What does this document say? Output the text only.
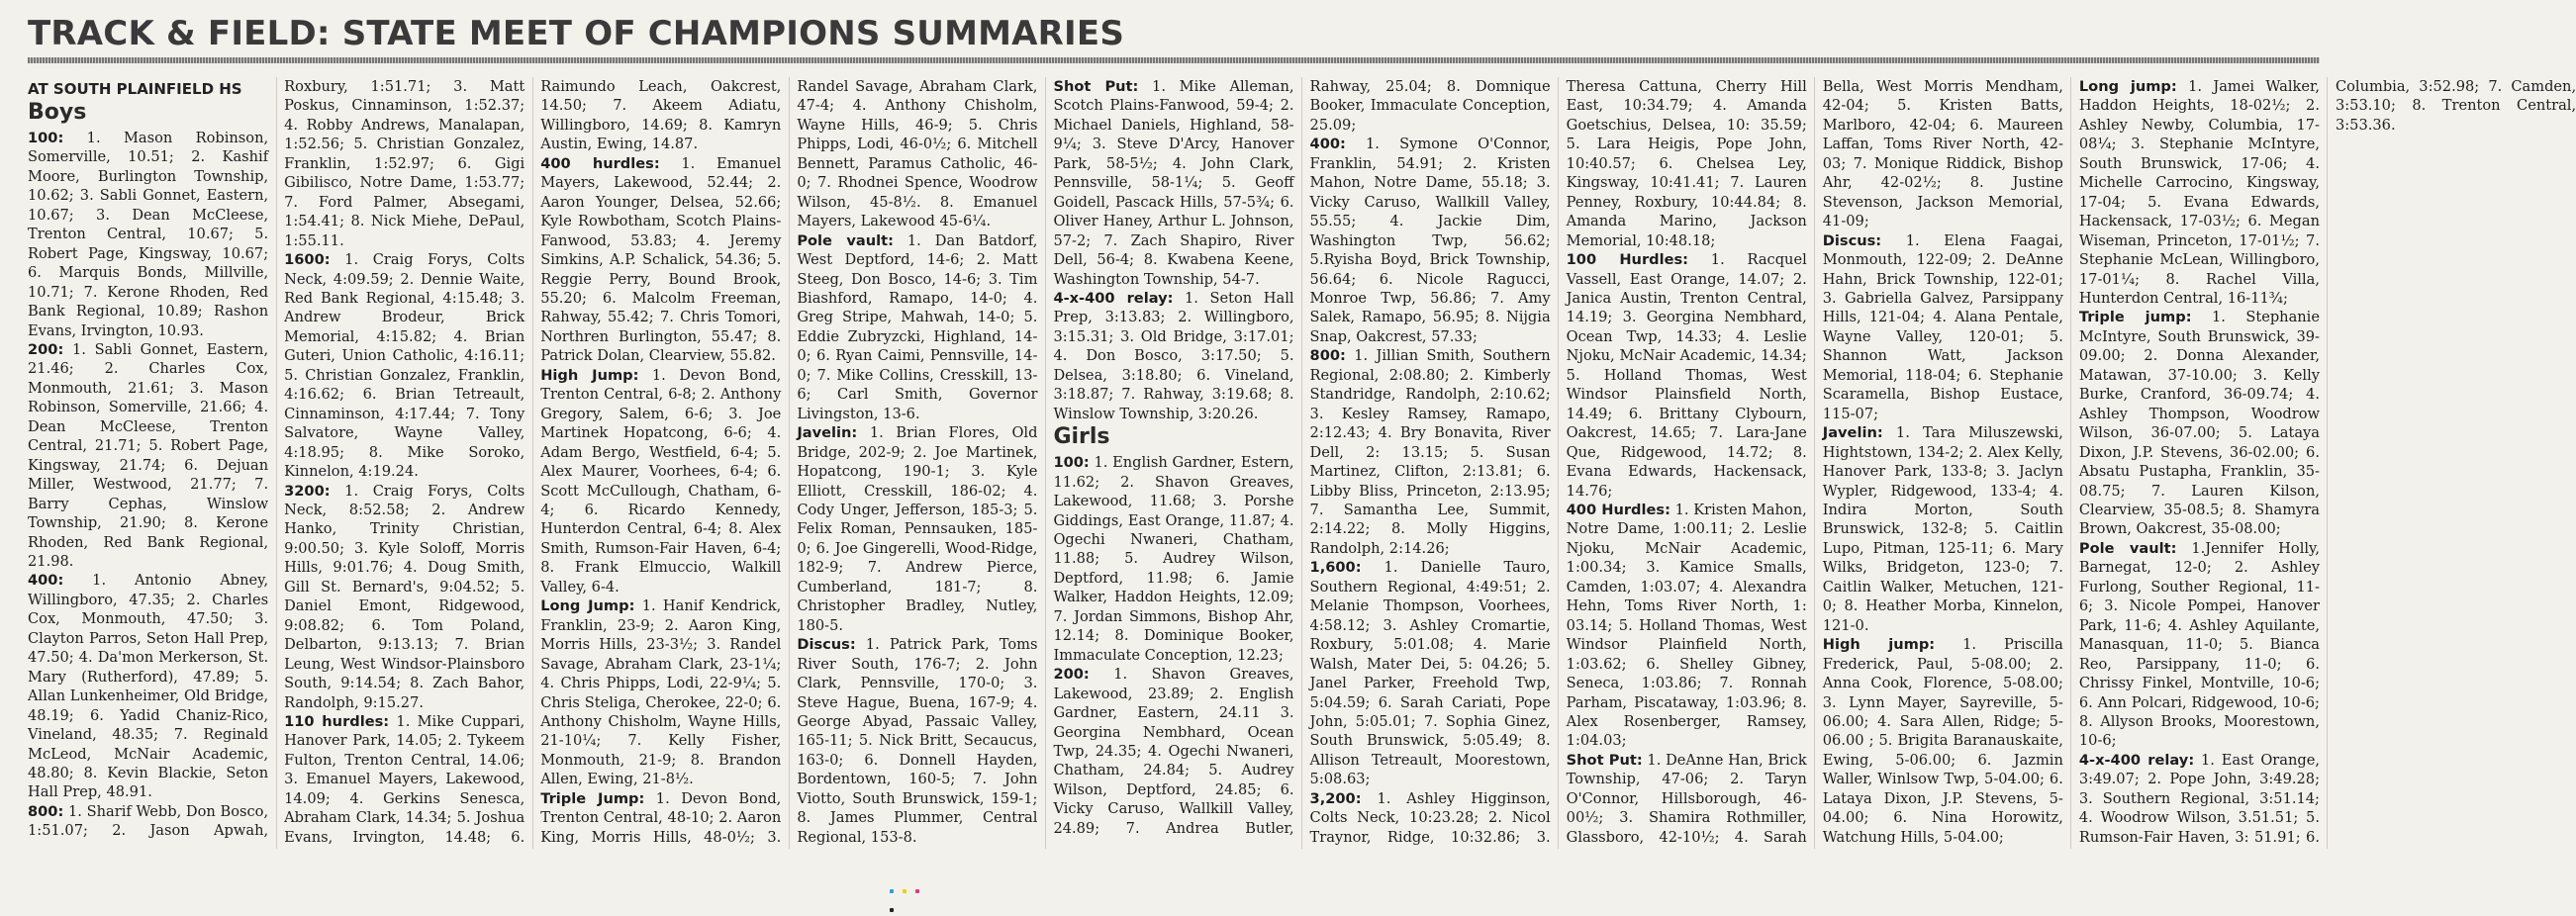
TRACK & FIELD: STATE MEET OF CHAMPIONS SUMMARIES
AT SOUTH PLAINFIELD HS
Boys

100: 1. Mason Robinson, Somerville, 10.51; 2. Kashif Moore, Burlington Township, 10.62; 3. Sabli Gonnet, Eastern, 10.67; 3. Dean McCleese, Trenton Central, 10.67; 5. Robert Page, Kingsway, 10.67; 6. Marquis Bonds, Millville, 10.71; 7. Kerone Rhoden, Red Bank Regional, 10.89; Rashon Evans, Irvington, 10.93.

200: 1. Sabli Gonnet, Eastern, 21.46; 2. Charles Cox, Monmouth, 21.61; 3. Mason Robinson, Somerville, 21.66; 4. Dean McCleese, Trenton Central, 21.71; 5. Robert Page, Kingsway, 21.74; 6. Dejuan Miller, Westwood, 21.77; 7. Barry Cephas, Winslow Township, 21.90; 8. Kerone Rhoden, Red Bank Regional, 21.98.

400: 1. Antonio Abney, Willingboro, 47.35; 2. Charles Cox, Monmouth, 47.50; 3. Clayton Parros, Seton Hall Prep, 47.50; 4. Da'mon Merkerson, St. Mary (Rutherford), 47.89; 5. Allan Lunkenheimer, Old Bridge, 48.19; 6. Yadid Chaniz-Rico, Vineland, 48.35; 7. Reginald McLeod, McNair Academic, 48.80; 8. Kevin Blackie, Seton Hall Prep, 48.91.

800: 1. Sharif Webb, Don Bosco, 1:51.07; 2. Jason Apwah, Roxbury, 1:51.71; 3. Matt Poskus, Cinnaminson, 1:52.37; 4. Robby Andrews, Manalapan, 1:52.56; 5. Christian Gonzalez, Franklin, 1:52.97; 6. Gigi Gibilisco, Notre Dame, 1:53.77; 7. Ford Palmer, Absegami, 1:54.41; 8. Nick Miehe, DePaul, 1:55.11.

1600: 1. Craig Forys, Colts Neck, 4:09.59; 2. Dennie Waite, Red Bank Regional, 4:15.48; 3. Andrew Brodeur, Brick Memorial, 4:15.82; 4. Brian Guteri, Union Catholic, 4:16.11; 5. Christian Gonzalez, Franklin, 4:16.62; 6. Brian Tetreault, Cinnaminson, 4:17.44; 7. Tony Salvatore, Wayne Valley, 4:18.95; 8. Mike Soroko, Kinnelon, 4:19.24.

3200: 1. Craig Forys, Colts Neck, 8:52.58; 2. Andrew Hanko, Trinity Christian, 9:00.50; 3. Kyle Soloff, Morris Hills, 9:01.76; 4. Doug Smith, Gill St. Bernard's, 9:04.52; 5. Daniel Emont, Ridgewood, 9:08.82; 6. Tom Poland, Delbarton, 9:13.13; 7. Brian Leung, West Windsor-Plainsboro South, 9:14.54; 8. Zach Bahor, Randolph, 9:15.27.

110 hurdles: 1. Mike Cuppari, Hanover Park, 14.05; 2. Tykeem Fulton, Trenton Central, 14.06; 3. Emanuel Mayers, Lakewood, 14.09; 4. Gerkins Senesca, Abraham Clark, 14.34; 5. Joshua Evans, Irvington, 14.48; 6. Raimundo Leach, Oakcrest, 14.50; 7. Akeem Adiatu, Willingboro, 14.69; 8. Kamryn Austin, Ewing, 14.87.

400 hurdles: 1. Emanuel Mayers, Lakewood, 52.44; 2. Aaron Younger, Delsea, 52.66; Kyle Rowbotham, Scotch Plains-Fanwood, 53.83; 4. Jeremy Simkins, A.P. Schalick, 54.36; 5. Reggie Perry, Bound Brook, 55.20; 6. Malcolm Freeman, Rahway, 55.42; 7. Chris Tomori, Northren Burlington, 55.47; 8. Patrick Dolan, Clearview, 55.82.

High Jump: 1. Devon Bond, Trenton Central, 6-8; 2. Anthony Gregory, Salem, 6-6; 3. Joe Martinek Hopatcong, 6-6; 4. Adam Bergo, Westfield, 6-4; 5. Alex Maurer, Voorhees, 6-4; 6. Scott McCullough, Chatham, 6-4; 6. Ricardo Kennedy, Hunterdon Central, 6-4; 8. Alex Smith, Rumson-Fair Haven, 6-4; 8. Frank Elmuccio, Walkill Valley, 6-4.

Long Jump: 1. Hanif Kendrick, Franklin, 23-9; 2. Aaron King, Morris Hills, 23-3½; 3. Randel Savage, Abraham Clark, 23-1¼; 4. Chris Phipps, Lodi, 22-9¼; 5. Chris Steliga, Cherokee, 22-0; 6. Anthony Chisholm, Wayne Hills, 21-10¼; 7. Kelly Fisher, Monmouth, 21-9; 8. Brandon Allen, Ewing, 21-8½.

Triple Jump: 1. Devon Bond, Trenton Central, 48-10; 2. Aaron King, Morris Hills, 48-0½; 3. Randel Savage, Abraham Clark, 47-4; 4. Anthony Chisholm, Wayne Hills, 46-9; 5. Chris Phipps, Lodi, 46-0½; 6. Mitchell Bennett, Paramus Catholic, 46-0; 7. Rhodnei Spence, Woodrow Wilson, 45-8½. 8. Emanuel Mayers, Lakewood 45-6¼.

Pole vault: 1. Dan Batdorf, West Deptford, 14-6; 2. Matt Steeg, Don Bosco, 14-6; 3. Tim Biashford, Ramapo, 14-0; 4. Greg Stripe, Mahwah, 14-0; 5. Eddie Zubryzcki, Highland, 14-0; 6. Ryan Caimi, Pennsville, 14-0; 7. Mike Collins, Cresskill, 13-6; Carl Smith, Governor Livingston, 13-6.

Javelin: 1. Brian Flores, Old Bridge, 202-9; 2. Joe Martinek, Hopatcong, 190-1; 3. Kyle Elliott, Cresskill, 186-02; 4. Cody Unger, Jefferson, 185-3; 5. Felix Roman, Pennsauken, 185-0; 6. Joe Gingerelli, Wood-Ridge, 182-9; 7. Andrew Pierce, Cumberland, 181-7; 8. Christopher Bradley, Nutley, 180-5.

Discus: 1. Patrick Park, Toms River South, 176-7; 2. John Clark, Pennsville, 170-0; 3. Steve Hague, Buena, 167-9; 4. George Abyad, Passaic Valley, 165-11; 5. Nick Britt, Secaucus, 163-0; 6. Donnell Hayden, Bordentown, 160-5; 7. John Viotto, South Brunswick, 159-1; 8. James Plummer, Central Regional, 153-8.

Shot Put: 1. Mike Alleman, Scotch Plains-Fanwood, 59-4; 2. Michael Daniels, Highland, 58-9¼; 3. Steve D'Arcy, Hanover Park, 58-5½; 4. John Clark, Pennsville, 58-1¼; 5. Geoff Goidell, Pascack Hills, 57-5¾; 6. Oliver Haney, Arthur L. Johnson, 57-2; 7. Zach Shapiro, River Dell, 56-4; 8. Kwabena Keene, Washington Township, 54-7.

4-x-400 relay: 1. Seton Hall Prep, 3:13.83; 2. Willingboro, 3:15.31; 3. Old Bridge, 3:17.01; 4. Don Bosco, 3:17.50; 5. Delsea, 3:18.80; 6. Vineland, 3:18.87; 7. Rahway, 3:19.68; 8. Winslow Township, 3:20.26.

Girls

100: 1. English Gardner, Estern, 11.62; 2. Shavon Greaves, Lakewood, 11.68; 3. Porshe Giddings, East Orange, 11.87; 4. Ogechi Nwaneri, Chatham, 11.88; 5. Audrey Wilson, Deptford, 11.98; 6. Jamie Walker, Haddon Heights, 12.09; 7. Jordan Simmons, Bishop Ahr, 12.14; 8. Dominique Booker, Immaculate Conception, 12.23;

200: 1. Shavon Greaves, Lakewood, 23.89; 2. English Gardner, Eastern, 24.11 3. Georgina Nembhard, Ocean Twp, 24.35; 4. Ogechi Nwaneri, Chatham, 24.84; 5. Audrey Wilson, Deptford, 24.85; 6. Vicky Caruso, Wallkill Valley, 24.89; 7. Andrea Butler, Rahway, 25.04; 8. Domnique Booker, Immaculate Conception, 25.09;

400: 1. Symone O'Connor, Franklin, 54.91; 2. Kristen Mahon, Notre Dame, 55.18; 3. Vicky Caruso, Wallkill Valley, 55.55; 4. Jackie Dim, Washington Twp, 56.62; 5.Ryisha Boyd, Brick Township, 56.64; 6. Nicole Ragucci, Monroe Twp, 56.86; 7. Amy Salek, Ramapo, 56.95; 8. Nijgia Snap, Oakcrest, 57.33;

800: 1. Jillian Smith, Southern Regional, 2:08.80; 2. Kimberly Standridge, Randolph, 2:10.62; 3. Kesley Ramsey, Ramapo, 2:12.43; 4. Bry Bonavita, River Dell, 2: 13.15; 5. Susan Martinez, Clifton, 2:13.81; 6. Libby Bliss, Princeton, 2:13.95; 7. Samantha Lee, Summit, 2:14.22; 8. Molly Higgins, Randolph, 2:14.26;

1,600: 1. Danielle Tauro, Southern Regional, 4:49:51; 2. Melanie Thompson, Voorhees, 4:58.12; 3. Ashley Cromartie, Roxbury, 5:01.08; 4. Marie Walsh, Mater Dei, 5: 04.26; 5. Janel Parker, Freehold Twp, 5:04.59; 6. Sarah Cariati, Pope John, 5:05.01; 7. Sophia Ginez, South Brunswick, 5:05.49; 8. Allison Tetreault, Moorestown, 5:08.63;

3,200: 1. Ashley Higginson, Colts Neck, 10:23.28; 2. Nicol Traynor, Ridge, 10:32.86; 3. Theresa Cattuna, Cherry Hill East, 10:34.79; 4. Amanda Goetschius, Delsea, 10: 35.59; 5. Lara Heigis, Pope John, 10:40.57; 6. Chelsea Ley, Kingsway, 10:41.41; 7. Lauren Penney, Roxbury, 10:44.84; 8. Amanda Marino, Jackson Memorial, 10:48.18;

100 Hurdles: 1. Racquel Vassell, East Orange, 14.07; 2. Janica Austin, Trenton Central, 14.19; 3. Georgina Nembhard, Ocean Twp, 14.33; 4. Leslie Njoku, McNair Academic, 14.34; 5. Holland Thomas, West Windsor Plainsfield North, 14.49; 6. Brittany Clybourn, Oakcrest, 14.65; 7. Lara-Jane Que, Ridgewood, 14.72; 8. Evana Edwards, Hackensack, 14.76;

400 Hurdles: 1. Kristen Mahon, Notre Dame, 1:00.11; 2. Leslie Njoku, McNair Academic, 1:00.34; 3. Kamice Smalls, Camden, 1:03.07; 4. Alexandra Hehn, Toms River North, 1: 03.14; 5. Holland Thomas, West Windsor Plainfield North, 1:03.62; 6. Shelley Gibney, Seneca, 1:03.86; 7. Ronnah Parham, Piscataway, 1:03.96; 8. Alex Rosenberger, Ramsey, 1:04.03;

Shot Put: 1. DeAnne Han, Brick Township, 47-06; 2. Taryn O'Connor, Hillsborough, 46-00½; 3. Shamira Rothmiller, Glassboro, 42-10½; 4. Sarah Bella, West Morris Mendham, 42-04; 5. Kristen Batts, Marlboro, 42-04; 6. Maureen Laffan, Toms River North, 42-03; 7. Monique Riddick, Bishop Ahr, 42-02½; 8. Justine Stevenson, Jackson Memorial, 41-09;

Discus: 1. Elena Faagai, Monmouth, 122-09; 2. DeAnne Hahn, Brick Township, 122-01; 3. Gabriella Galvez, Parsippany Hills, 121-04; 4. Alana Pentale, Wayne Valley, 120-01; 5. Shannon Watt, Jackson Memorial, 118-04; 6. Stephanie Scaramella, Bishop Eustace, 115-07;

Javelin: 1. Tara Miluszewski, Hightstown, 134-2; 2. Alex Kelly, Hanover Park, 133-8; 3. Jaclyn Wypler, Ridgewood, 133-4; 4. Indira Morton, South Brunswick, 132-8; 5. Caitlin Lupo, Pitman, 125-11; 6. Mary Wilks, Bridgeton, 123-0; 7. Caitlin Walker, Metuchen, 121-0; 8. Heather Morba, Kinnelon, 121-0.

High jump: 1. Priscilla Frederick, Paul, 5-08.00; 2. Anna Cook, Florence, 5-08.00; 3. Lynn Mayer, Sayreville, 5-06.00; 4. Sara Allen, Ridge; 5-06.00 ; 5. Brigita Baranauskaite, Ewing, 5-06.00; 6. Jazmin Waller, Winlsow Twp, 5-04.00; 6. Lataya Dixon, J.P. Stevens, 5-04.00; 6. Nina Horowitz, Watchung Hills, 5-04.00;

Long jump: 1. Jamei Walker, Haddon Heights, 18-02½; 2. Ashley Newby, Columbia, 17-08¼; 3. Stephanie McIntyre, South Brunswick, 17-06; 4. Michelle Carrocino, Kingsway, 17-04; 5. Evana Edwards, Hackensack, 17-03½; 6. Megan Wiseman, Princeton, 17-01½; 7. Stephanie McLean, Willingboro, 17-01¼; 8. Rachel Villa, Hunterdon Central, 16-11¾;

Triple jump: 1. Stephanie McIntyre, South Brunswick, 39-09.00; 2. Donna Alexander, Matawan, 37-10.00; 3. Kelly Burke, Cranford, 36-09.74; 4. Ashley Thompson, Woodrow Wilson, 36-07.00; 5. Lataya Dixon, J.P. Stevens, 36-02.00; 6. Absatu Pustapha, Franklin, 35-08.75; 7. Lauren Kilson, Clearview, 35-08.5; 8. Shamyra Brown, Oakcrest, 35-08.00;

Pole vault: 1.Jennifer Holly, Barnegat, 12-0; 2. Ashley Furlong, Souther Regional, 11-6; 3. Nicole Pompei, Hanover Park, 11-6; 4. Ashley Aquilante, Manasquan, 11-0; 5. Bianca Reo, Parsippany, 11-0; 6. Chrissy Finkel, Montville, 10-6; 6. Ann Polcari, Ridgewood, 10-6; 8. Allyson Brooks, Moorestown, 10-6;

4-x-400 relay: 1. East Orange, 3:49.07; 2. Pope John, 3:49.28; 3. Southern Regional, 3:51.14; 4. Woodrow Wilson, 3.51.51; 5. Rumson-Fair Haven, 3: 51.91; 6. Columbia, 3:52.98; 7. Camden, 3:53.10; 8. Trenton Central, 3:53.36.
